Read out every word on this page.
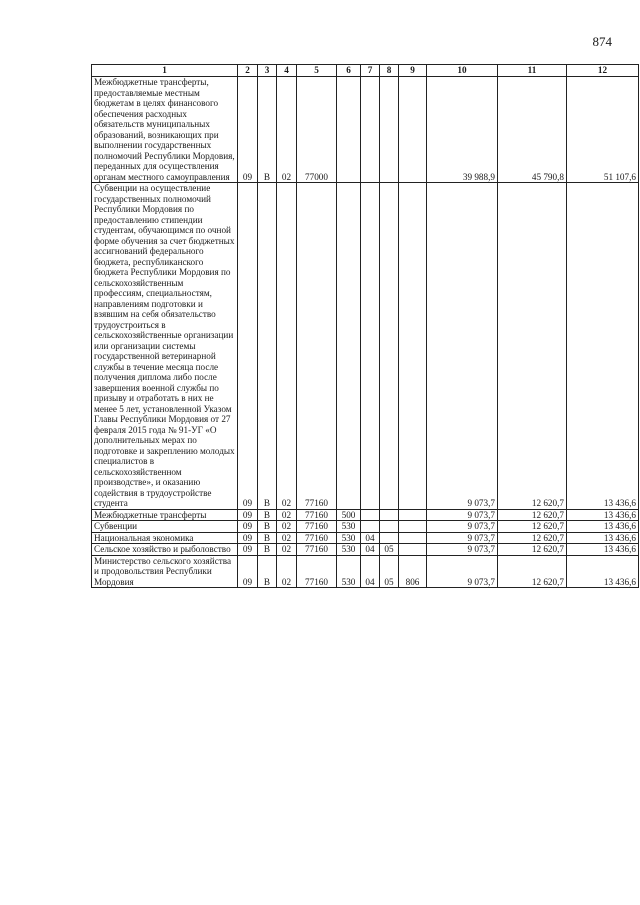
874
1	2	3	4	5	6	7	8	9	10	11	12
Межбюджетные трансферты, предоставляемые местным бюджетам в целях финансового обеспечения расходных обязательств муниципальных образований, возникающих при выполнении государственных полномочий Республики Мордовия, переданных для осуществления органам местного самоуправления	09	В	02	77000					39 988,9	45 790,8	51 107,6
Субвенции на осуществление государственных полномочий Республики Мордовия по предоставлению стипендии студентам, обучающимся по очной форме обучения за счет бюджетных ассигнований федерального бюджета, республиканского бюджета Республики Мордовия по сельскохозяйственным профессиям, специальностям, направлениям подготовки и взявшим на себя обязательство трудоустроиться в сельскохозяйственные организации или организации системы государственной ветеринарной службы в течение месяца после получения диплома либо после завершения военной службы по призыву и отработать в них не менее 5 лет, установленной Указом Главы Республики Мордовия от 27 февраля 2015 года № 91-УГ «О дополнительных мерах по подготовке и закреплению молодых специалистов в сельскохозяйственном производстве», и оказанию содействия в трудоустройстве студента	09	В	02	77160					9 073,7	12 620,7	13 436,6
Межбюджетные трансферты	09	В	02	77160	500				9 073,7	12 620,7	13 436,6
Субвенции	09	В	02	77160	530				9 073,7	12 620,7	13 436,6
Национальная экономика	09	В	02	77160	530	04			9 073,7	12 620,7	13 436,6
Сельское хозяйство и рыболовство	09	В	02	77160	530	04	05		9 073,7	12 620,7	13 436,6
Министерство сельского хозяйства и продовольствия Республики Мордовия	09	В	02	77160	530	04	05	806	9 073,7	12 620,7	13 436,6
